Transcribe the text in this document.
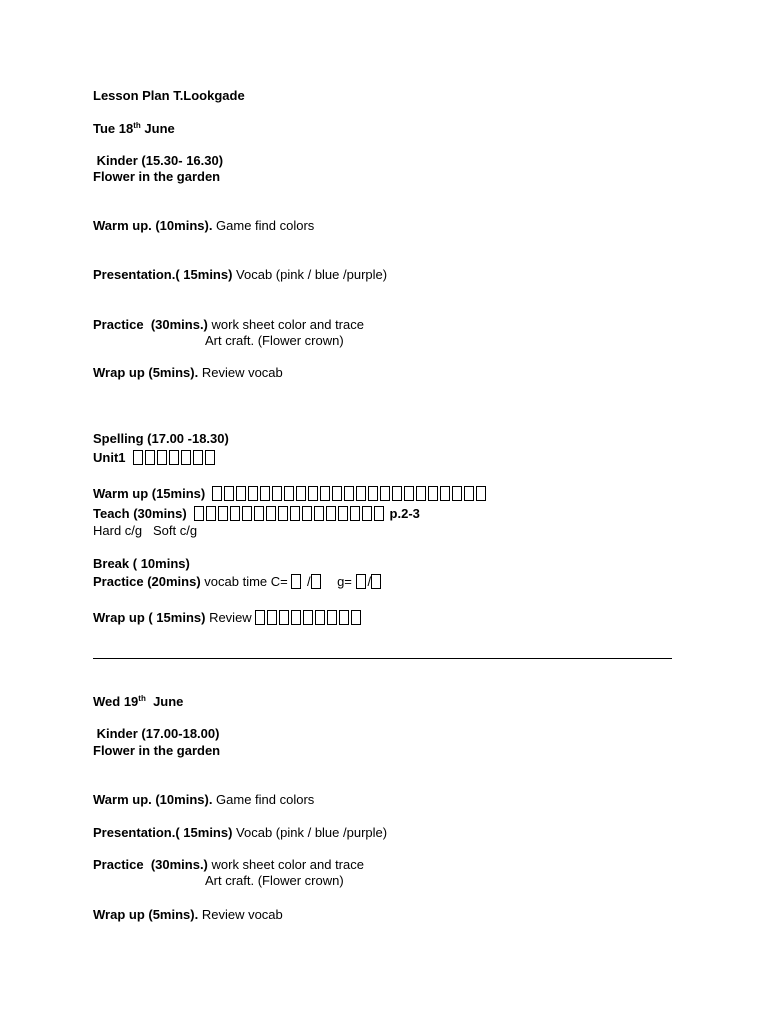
Lesson Plan T.Lookgade
Tue 18th June
Kinder (15.30- 16.30)
Flower in the garden
Warm up. (10mins). Game find colors
Presentation.( 15mins) Vocab (pink / blue /purple)
Practice  (30mins.) work sheet color and trace
Art craft. (Flower crown)
Wrap up (5mins). Review vocab
Spelling (17.00 -18.30)
Unit1
Warm up (15mins)
Teach (30mins)	p.2-3
Hard c/g   Soft c/g
Break ( 10mins)
Practice (20mins) vocab time C=  / g= /
Wrap up ( 15mins) Review
Wed 19th  June
Kinder (17.00-18.00)
Flower in the garden
Warm up. (10mins). Game find colors
Presentation.( 15mins) Vocab (pink / blue /purple)
Practice  (30mins.) work sheet color and trace
Art craft. (Flower crown)
Wrap up (5mins). Review vocab
